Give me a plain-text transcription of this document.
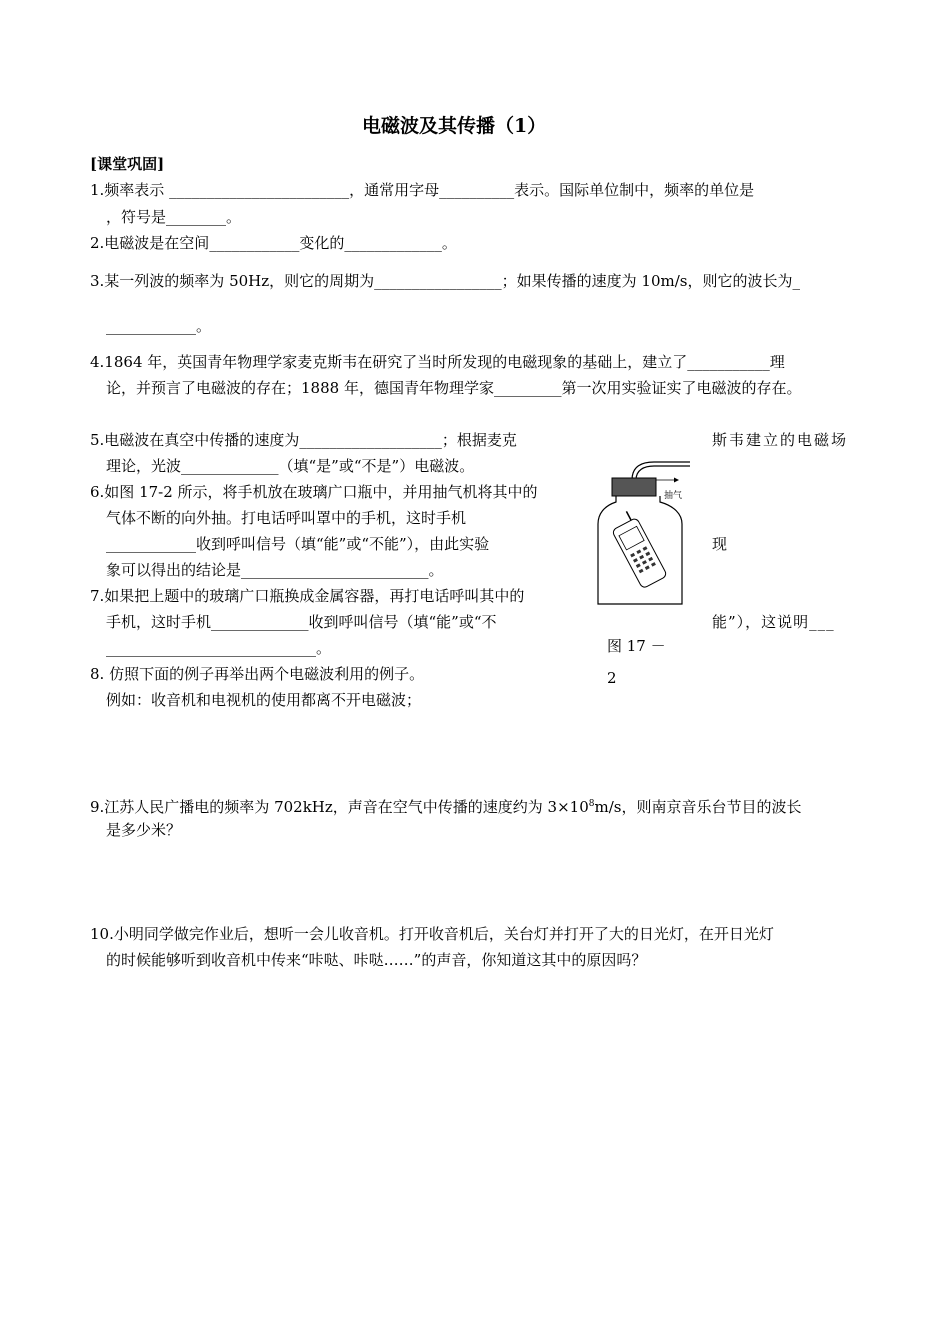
电磁波及其传播（1）
[课堂巩固]
1.频率表示 ________________________，通常用字母__________表示。国际单位制中，频率的单位是
，符号是________。
2.电磁波是在空间____________变化的_____________。
3.某一列波的频率为 50Hz，则它的周期为_________________；如果传播的速度为 10m/s，则它的波长为_
____________。
4.1864 年，英国青年物理学家麦克斯韦在研究了当时所发现的电磁现象的基础上，建立了___________理
论，并预言了电磁波的存在；1888 年，德国青年物理学家_________第一次用实验证实了电磁波的存在。
5.电磁波在真空中传播的速度为___________________；根据麦克	斯韦建立的电磁场
理论，光波_____________（填“是”或“不是”）电磁波。
6.如图 17-2 所示，将手机放在玻璃广口瓶中，并用抽气机将其中的
气体不断的向外抽。打电话呼叫罩中的手机，这时手机
____________收到呼叫信号（填“能”或“不能”），由此实验	现
象可以得出的结论是_________________________。
7.如果把上题中的玻璃广口瓶换成金属容器，再打电话呼叫其中的
手机，这时手机_____________收到呼叫信号（填“能”或“不	能”），这说明___
____________________________。	图 17 －
2
8. 仿照下面的例子再举出两个电磁波利用的例子。
例如：收音机和电视机的使用都离不开电磁波；
9.江苏人民广播电的频率为 702kHz，声音在空气中传播的速度约为 $3\times 10^8m/s$，则南京音乐台节目的波长
是多少米？
10.小明同学做完作业后，想听一会儿收音机。打开收音机后，关台灯并打开了大的日光灯，在开日光灯
的时候能够听到收音机中传来“咔哒、咔哒……”的声音，你知道这其中的原因吗？
抽气
